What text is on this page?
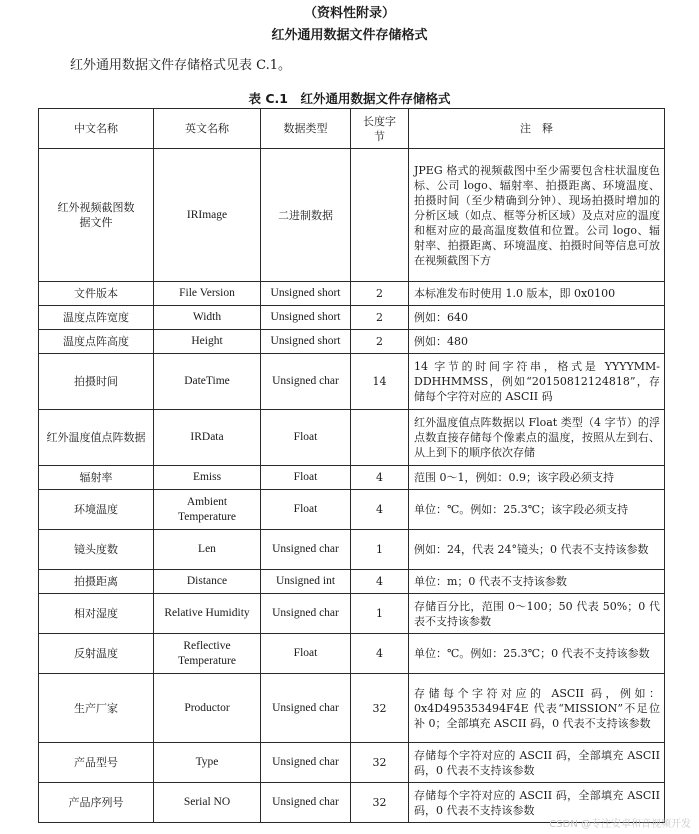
（资料性附录）
红外通用数据文件存储格式
红外通用数据文件存储格式见表 C.1。
表 C.1　红外通用数据文件存储格式
中文名称	英文名称	数据类型	长度字节	注　释
红外视频截图数据文件	IRImage	二进制数据		JPEG 格式的视频截图中至少需要包含柱状温度色标、公司 logo、辐射率、拍摄距离、环境温度、拍摄时间（至少精确到分钟）、现场拍摄时增加的分析区域（如点、框等分析区域）及点对应的温度和框对应的最高温度数值和位置。公司 logo、辐射率、拍摄距离、环境温度、拍摄时间等信息可放在视频截图下方
文件版本	File Version	Unsigned short	2	本标准发布时使用 1.0 版本，即 0x0100
温度点阵宽度	Width	Unsigned short	2	例如：640
温度点阵高度	Height	Unsigned short	2	例如：480
拍摄时间	DateTime	Unsigned char	14	14 字节的时间字符串，格式是 YYYYMM-DDHHMMSS，例如“20150812124818”，存储每个字符对应的 ASCII 码
红外温度值点阵数据	IRData	Float		红外温度值点阵数据以 Float 类型（4 字节）的浮点数直接存储每个像素点的温度，按照从左到右、从上到下的顺序依次存储
辐射率	Emiss	Float	4	范围 0～1，例如：0.9；该字段必须支持
环境温度	Ambient Temperature	Float	4	单位：℃。例如：25.3℃；该字段必须支持
镜头度数	Len	Unsigned char	1	例如：24，代表 24°镜头；0 代表不支持该参数
拍摄距离	Distance	Unsigned int	4	单位：m；0 代表不支持该参数
相对湿度	Relative Humidity	Unsigned char	1	存储百分比，范围 0～100；50 代表 50%；0 代表不支持该参数
反射温度	Reflective Temperature	Float	4	单位：℃。例如：25.3℃；0 代表不支持该参数
生产厂家	Productor	Unsigned char	32	存储每个字符对应的 ASCII 码，例如：0x4D495353494F4E 代表“MISSION”不足位补 0；全部填充 ASCII 码，0 代表不支持该参数
产品型号	Type	Unsigned char	32	存储每个字符对应的 ASCII 码，全部填充 ASCII 码，0 代表不支持该参数
产品序列号	Serial NO	Unsigned char	32	存储每个字符对应的 ASCII 码，全部填充 ASCII 码，0 代表不支持该参数
CSDN @专注安卓和音视频开发
